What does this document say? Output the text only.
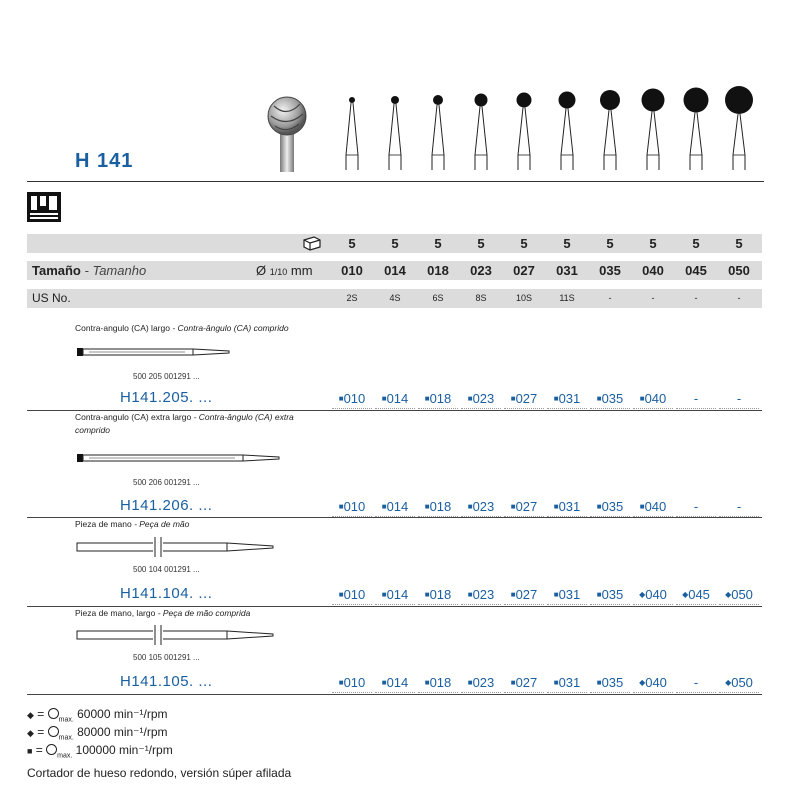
H 141
Tamaño - Tamanho	Ø 1/10 mm
US No.
5	5	5	5	5	5	5	5	5	5
010	014	018	023	027	031	035	040	045	050
2S	4S	6S	8S	10S	11S	-	-	-	-
Contra-angulo (CA) largo - Contra-ângulo (CA) comprido
500 205 001291 ...
H141.205. ...	■010	■014	■018	■023	■027	■031	■035	■040	-	-
Contra-angulo (CA) extra largo - Contra-ângulo (CA) extra comprido
500 206 001291 ...
H141.206. ...	■010	■014	■018	■023	■027	■031	■035	■040	-	-
Pieza de mano - Peça de mão
500 104 001291 ...
H141.104. ...	■010	■014	■018	■023	■027	■031	■035	◆040	◆045	◆050
Pieza de mano, largo - Peça de mão comprida
500 105 001291 ...
H141.105. ...	■010	■014	■018	■023	■027	■031	■035	◆040	-	◆050
◆ = $_{max.}$ 60000 min⁻¹/rpm
◆ = $_{max.}$ 80000 min⁻¹/rpm
■ = $_{max.}$ 100000 min⁻¹/rpm
Cortador de hueso redondo, versión súper afilada
